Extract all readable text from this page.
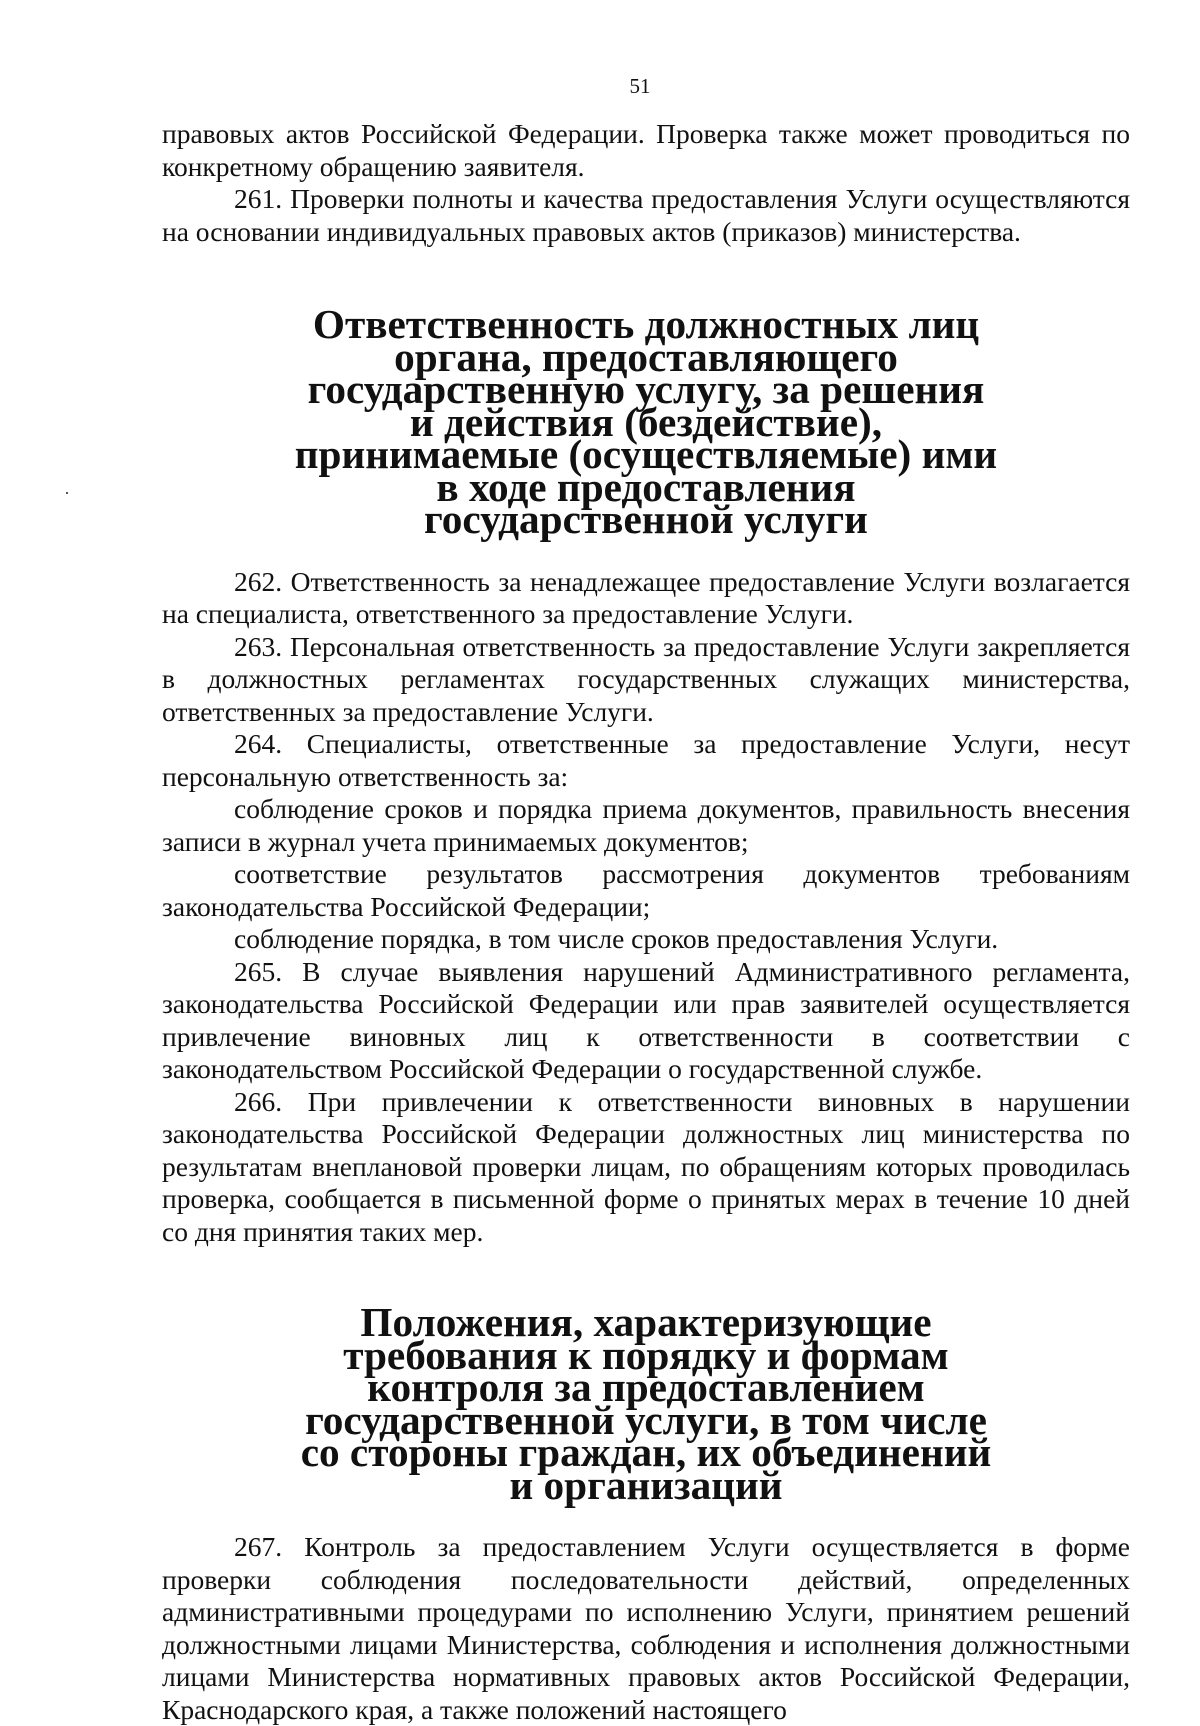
51

правовых актов Российской Федерации. Проверка также может проводиться по конкретному обращению заявителя.

261. Проверки полноты и качества предоставления Услуги осуществляются на основании индивидуальных правовых актов (приказов) министерства.

Ответственность должностных лиц органа, предоставляющего государственную услугу, за решения и действия (бездействие), принимаемые (осуществляемые) ими в ходе предоставления государственной услуги

262. Ответственность за ненадлежащее предоставление Услуги возлагается на специалиста, ответственного за предоставление Услуги.

263. Персональная ответственность за предоставление Услуги закрепляется в должностных регламентах государственных служащих министерства, ответственных за предоставление Услуги.

264. Специалисты, ответственные за предоставление Услуги, несут персональную ответственность за:

соблюдение сроков и порядка приема документов, правильность внесения записи в журнал учета принимаемых документов;

соответствие результатов рассмотрения документов требованиям законодательства Российской Федерации;

соблюдение порядка, в том числе сроков предоставления Услуги.

265. В случае выявления нарушений Административного регламента, законодательства Российской Федерации или прав заявителей осуществляется привлечение виновных лиц к ответственности в соответствии с законодательством Российской Федерации о государственной службе.

266. При привлечении к ответственности виновных в нарушении законодательства Российской Федерации должностных лиц министерства по результатам внеплановой проверки лицам, по обращениям которых проводилась проверка, сообщается в письменной форме о принятых мерах в течение 10 дней со дня принятия таких мер.

Положения, характеризующие требования к порядку и формам контроля за предоставлением государственной услуги, в том числе со стороны граждан, их объединений и организаций

267. Контроль за предоставлением Услуги осуществляется в форме проверки соблюдения последовательности действий, определенных административными процедурами по исполнению Услуги, принятием решений должностными лицами Министерства, соблюдения и исполнения должностными лицами Министерства нормативных правовых актов Российской Федерации, Краснодарского края, а также положений настоящего
